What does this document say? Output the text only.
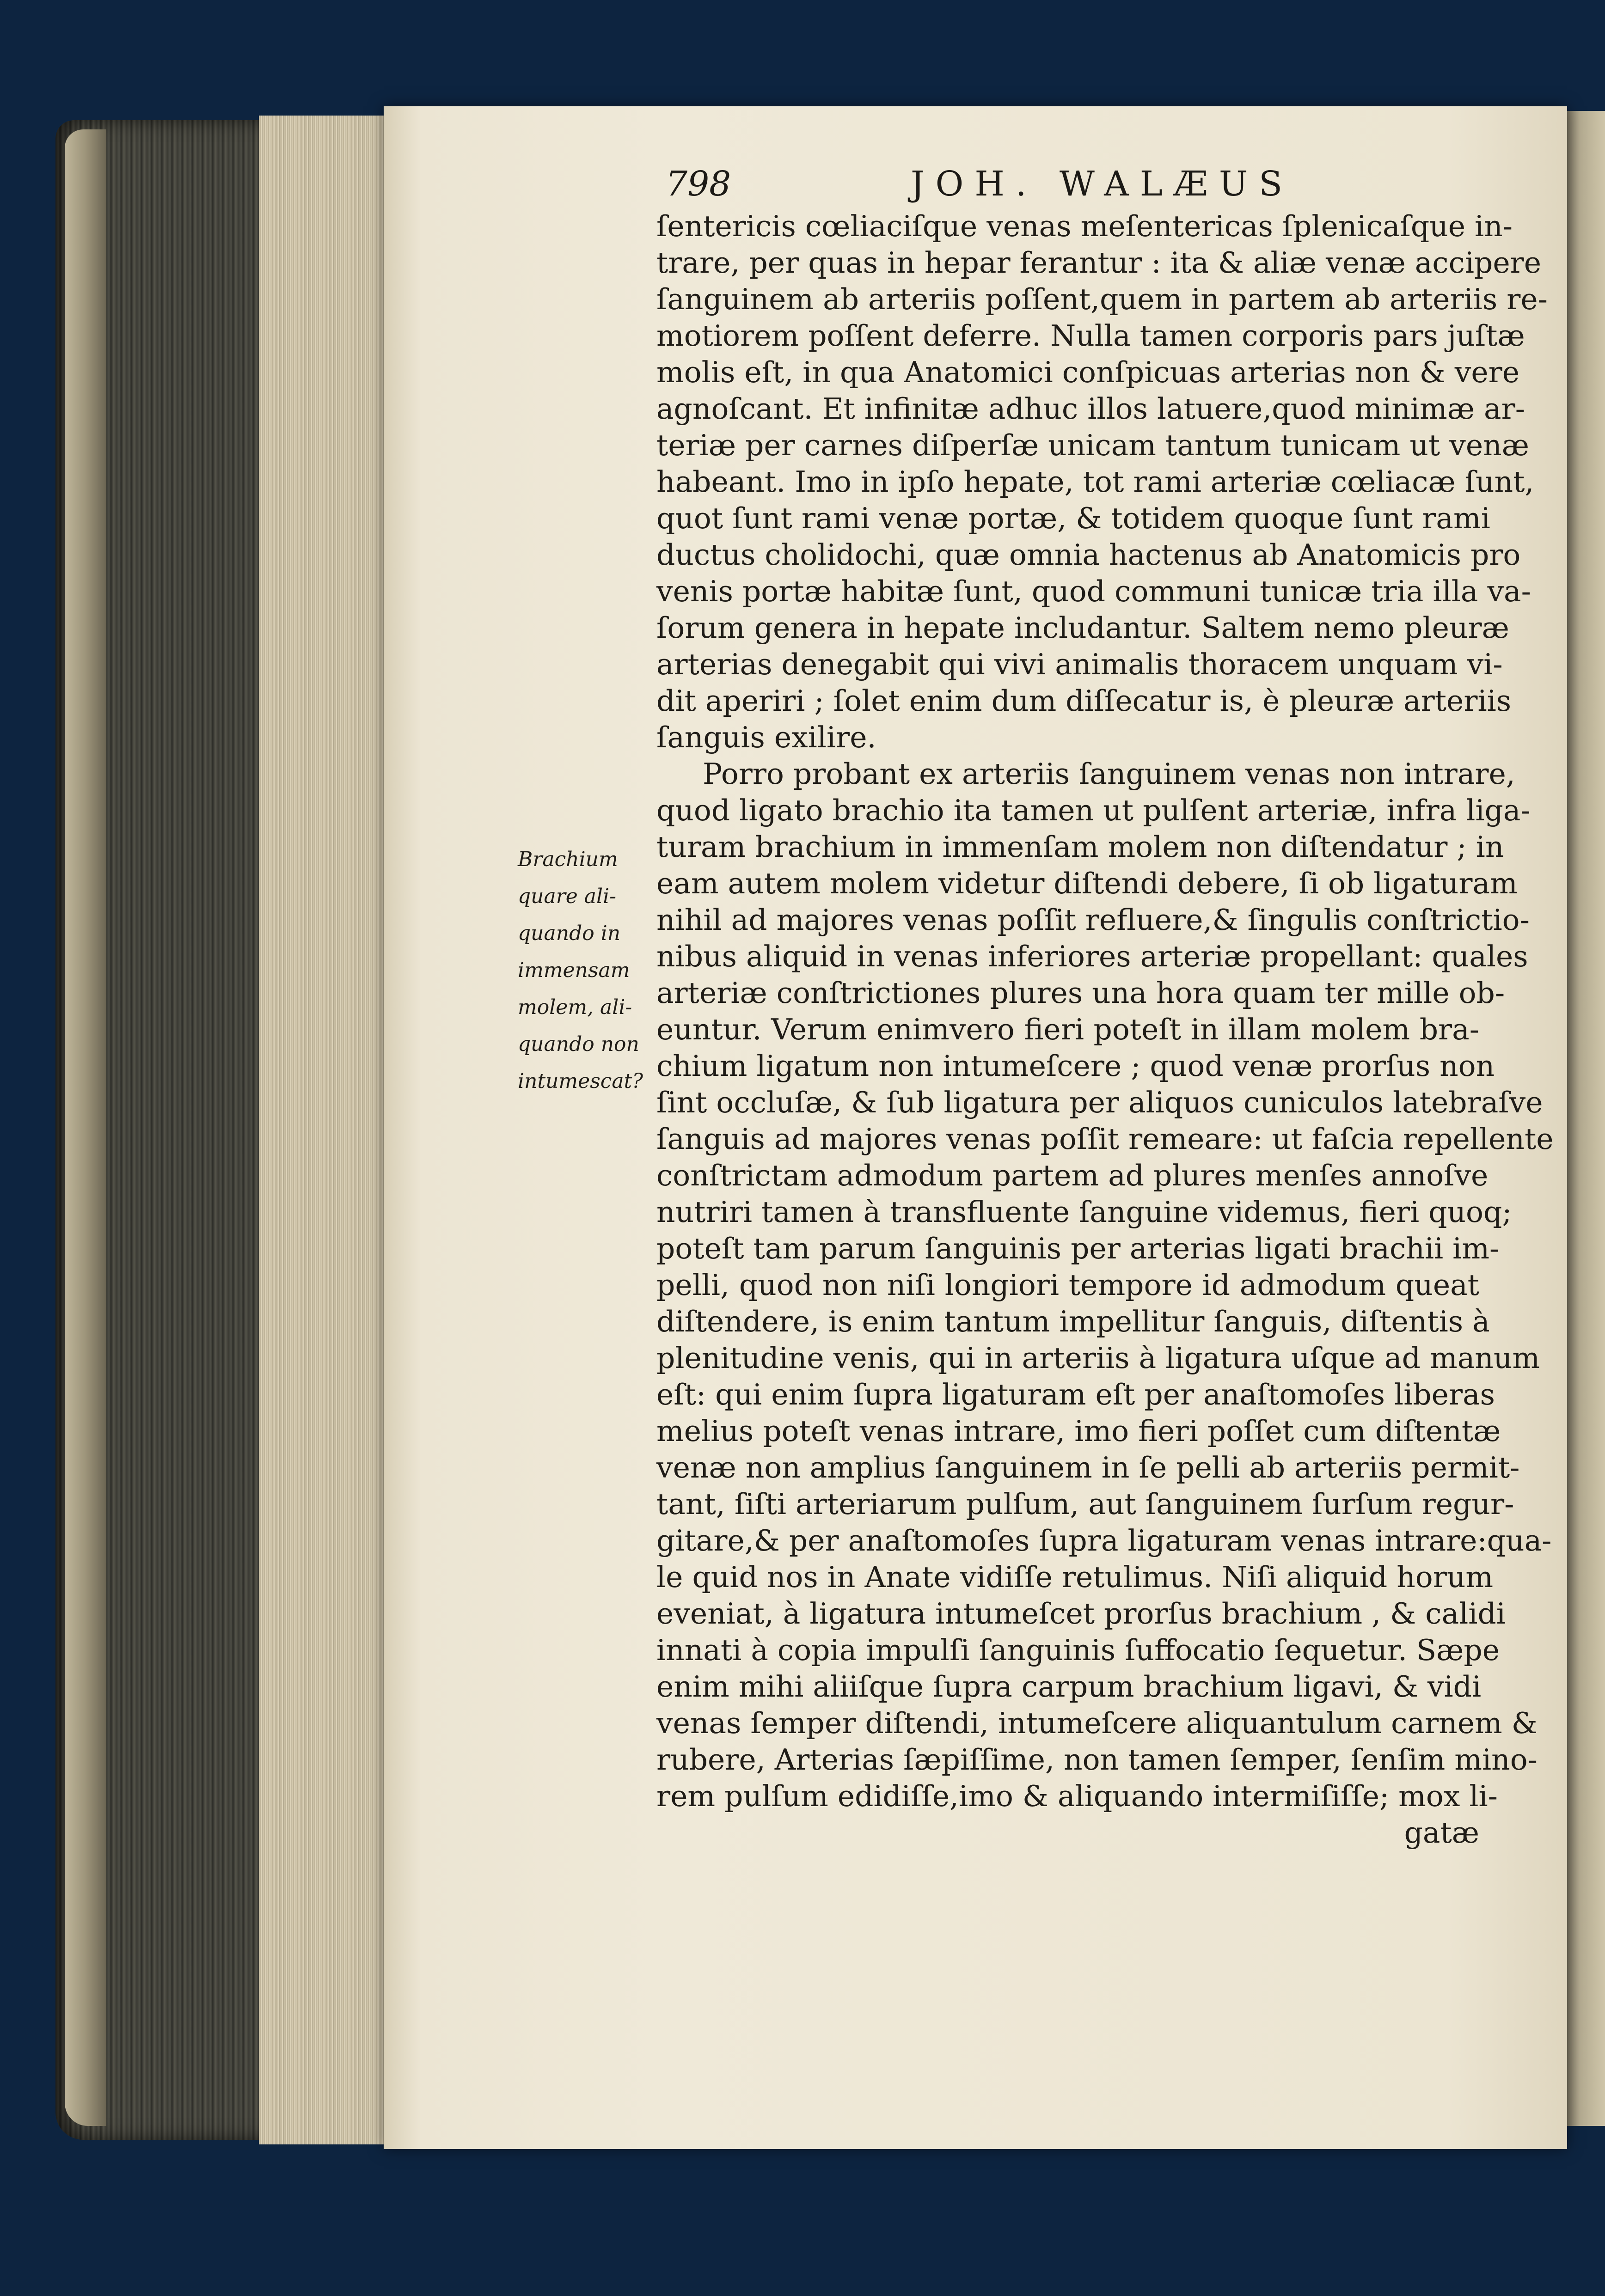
798	JOH. WALÆUS
Brachium
quare ali-
quando in
immensam
molem, ali-
quando non
intumescat?
ſentericis cœliaciſque venas meſentericas ſplenicaſque in-
trare, per quas in hepar ferantur : ita & aliæ venæ accipere
ſanguinem ab arteriis poſſent,quem in partem ab arteriis re-
motiorem poſſent deferre. Nulla tamen corporis pars juſtæ
molis eſt, in qua Anatomici conſpicuas arterias non & vere
agnoſcant. Et infinitæ adhuc illos latuere,quod minimæ ar-
teriæ per carnes diſperſæ unicam tantum tunicam ut venæ
habeant. Imo in ipſo hepate, tot rami arteriæ cœliacæ ſunt,
quot ſunt rami venæ portæ, & totidem quoque ſunt rami
ductus cholidochi, quæ omnia hactenus ab Anatomicis pro
venis portæ habitæ ſunt, quod communi tunicæ tria illa va-
ſorum genera in hepate includantur. Saltem nemo pleuræ
arterias denegabit qui vivi animalis thoracem unquam vi-
dit aperiri ; ſolet enim dum diſſecatur is, è pleuræ arteriis
ſanguis exilire.
Porro probant ex arteriis ſanguinem venas non intrare,
quod ligato brachio ita tamen ut pulſent arteriæ, infra liga-
turam brachium in immenſam molem non diſtendatur ; in
eam autem molem videtur diſtendi debere, ſi ob ligaturam
nihil ad majores venas poſſit refluere,& ſingulis conſtrictio-
nibus aliquid in venas inferiores arteriæ propellant: quales
arteriæ conſtrictiones plures una hora quam ter mille ob-
euntur. Verum enimvero fieri poteſt in illam molem bra-
chium ligatum non intumeſcere ; quod venæ prorſus non
ſint occluſæ, & ſub ligatura per aliquos cuniculos latebraſve
ſanguis ad majores venas poſſit remeare: ut faſcia repellente
conſtrictam admodum partem ad plures menſes annoſve
nutriri tamen à transfluente ſanguine videmus, fieri quoq;
poteſt tam parum ſanguinis per arterias ligati brachii im-
pelli, quod non niſi longiori tempore id admodum queat
diſtendere, is enim tantum impellitur ſanguis, diſtentis à
plenitudine venis, qui in arteriis à ligatura uſque ad manum
eſt: qui enim ſupra ligaturam eſt per anaſtomoſes liberas
melius poteſt venas intrare, imo fieri poſſet cum diſtentæ
venæ non amplius ſanguinem in ſe pelli ab arteriis permit-
tant, ſiſti arteriarum pulſum, aut ſanguinem ſurſum regur-
gitare,& per anaſtomoſes ſupra ligaturam venas intrare:qua-
le quid nos in Anate vidiſſe retulimus. Niſi aliquid horum
eveniat, à ligatura intumeſcet prorſus brachium , & calidi
innati à copia impulſi ſanguinis ſuffocatio ſequetur. Sæpe
enim mihi aliiſque ſupra carpum brachium ligavi, & vidi
venas ſemper diſtendi, intumeſcere aliquantulum carnem &
rubere, Arterias ſæpiſſime, non tamen ſemper, ſenſim mino-
rem pulſum edidiſſe,imo & aliquando intermiſiſſe; mox li-
gatæ
